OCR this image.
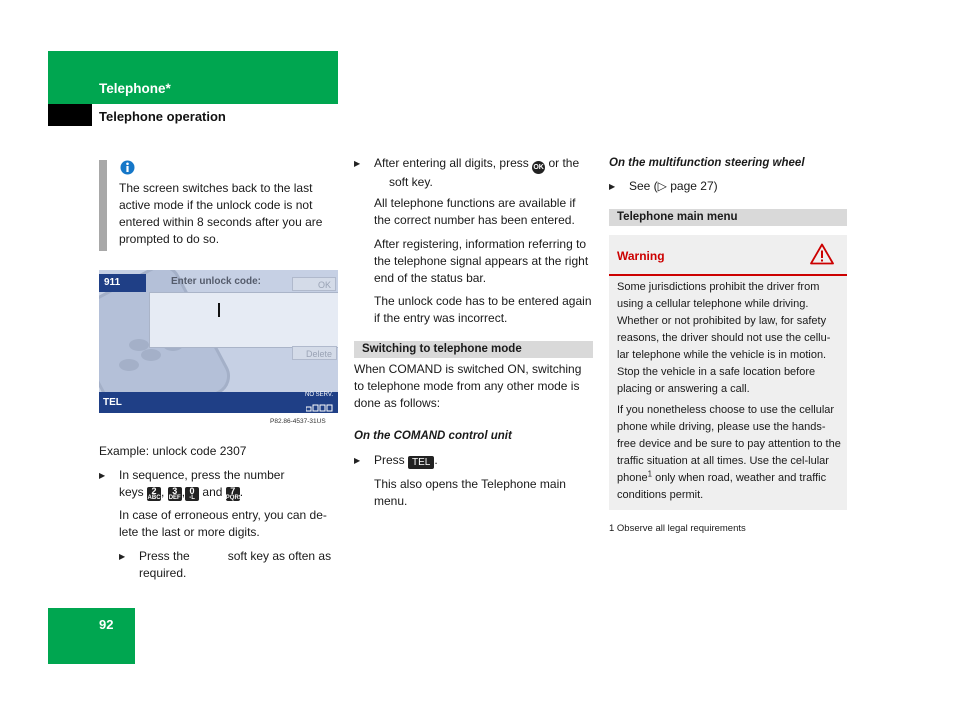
Telephone*
Telephone operation
92

The screen switches back to the last active mode if the unlock code is not entered within 8 seconds after you are prompted to do so.

911	Enter unlock code:	OK
Delete
TEL
NO SERV.
P82.86-4537-31US

Example: unlock code 2307

▶	In sequence, press the number
keys 2
ABC, 3
DEF, 0
-L and 7
PQRS.

In case of erroneous entry, you can de-lete the last or more digits.

▶	Press the	soft key as often as
required.
▶	After entering all digits, press OK or the
soft key.

All telephone functions are available if the correct number has been entered.

After registering, information referring to the telephone signal appears at the right end of the status bar.

The unlock code has to be entered again if the entry was incorrect.

Switching to telephone mode

When COMAND is switched ON, switching to telephone mode from any other mode is done as follows:

On the COMAND control unit
▶	Press TEL .

This also opens the Telephone main menu.

On the multifunction steering wheel
▶	See (▷ page 27)
Telephone main menu
Warning

Some jurisdictions prohibit the driver from using a cellular telephone while driving. Whether or not prohibited by law, for safety reasons, the driver should not use the cellu-lar telephone while the vehicle is in motion. Stop the vehicle in a safe location before placing or answering a call.

If you nonetheless choose to use the cellular phone while driving, please use the hands-free device and be sure to pay attention to the traffic situation at all times. Use the cel-lular phone$^1$ only when road, weather and traffic conditions permit.

1 Observe all legal requirements
